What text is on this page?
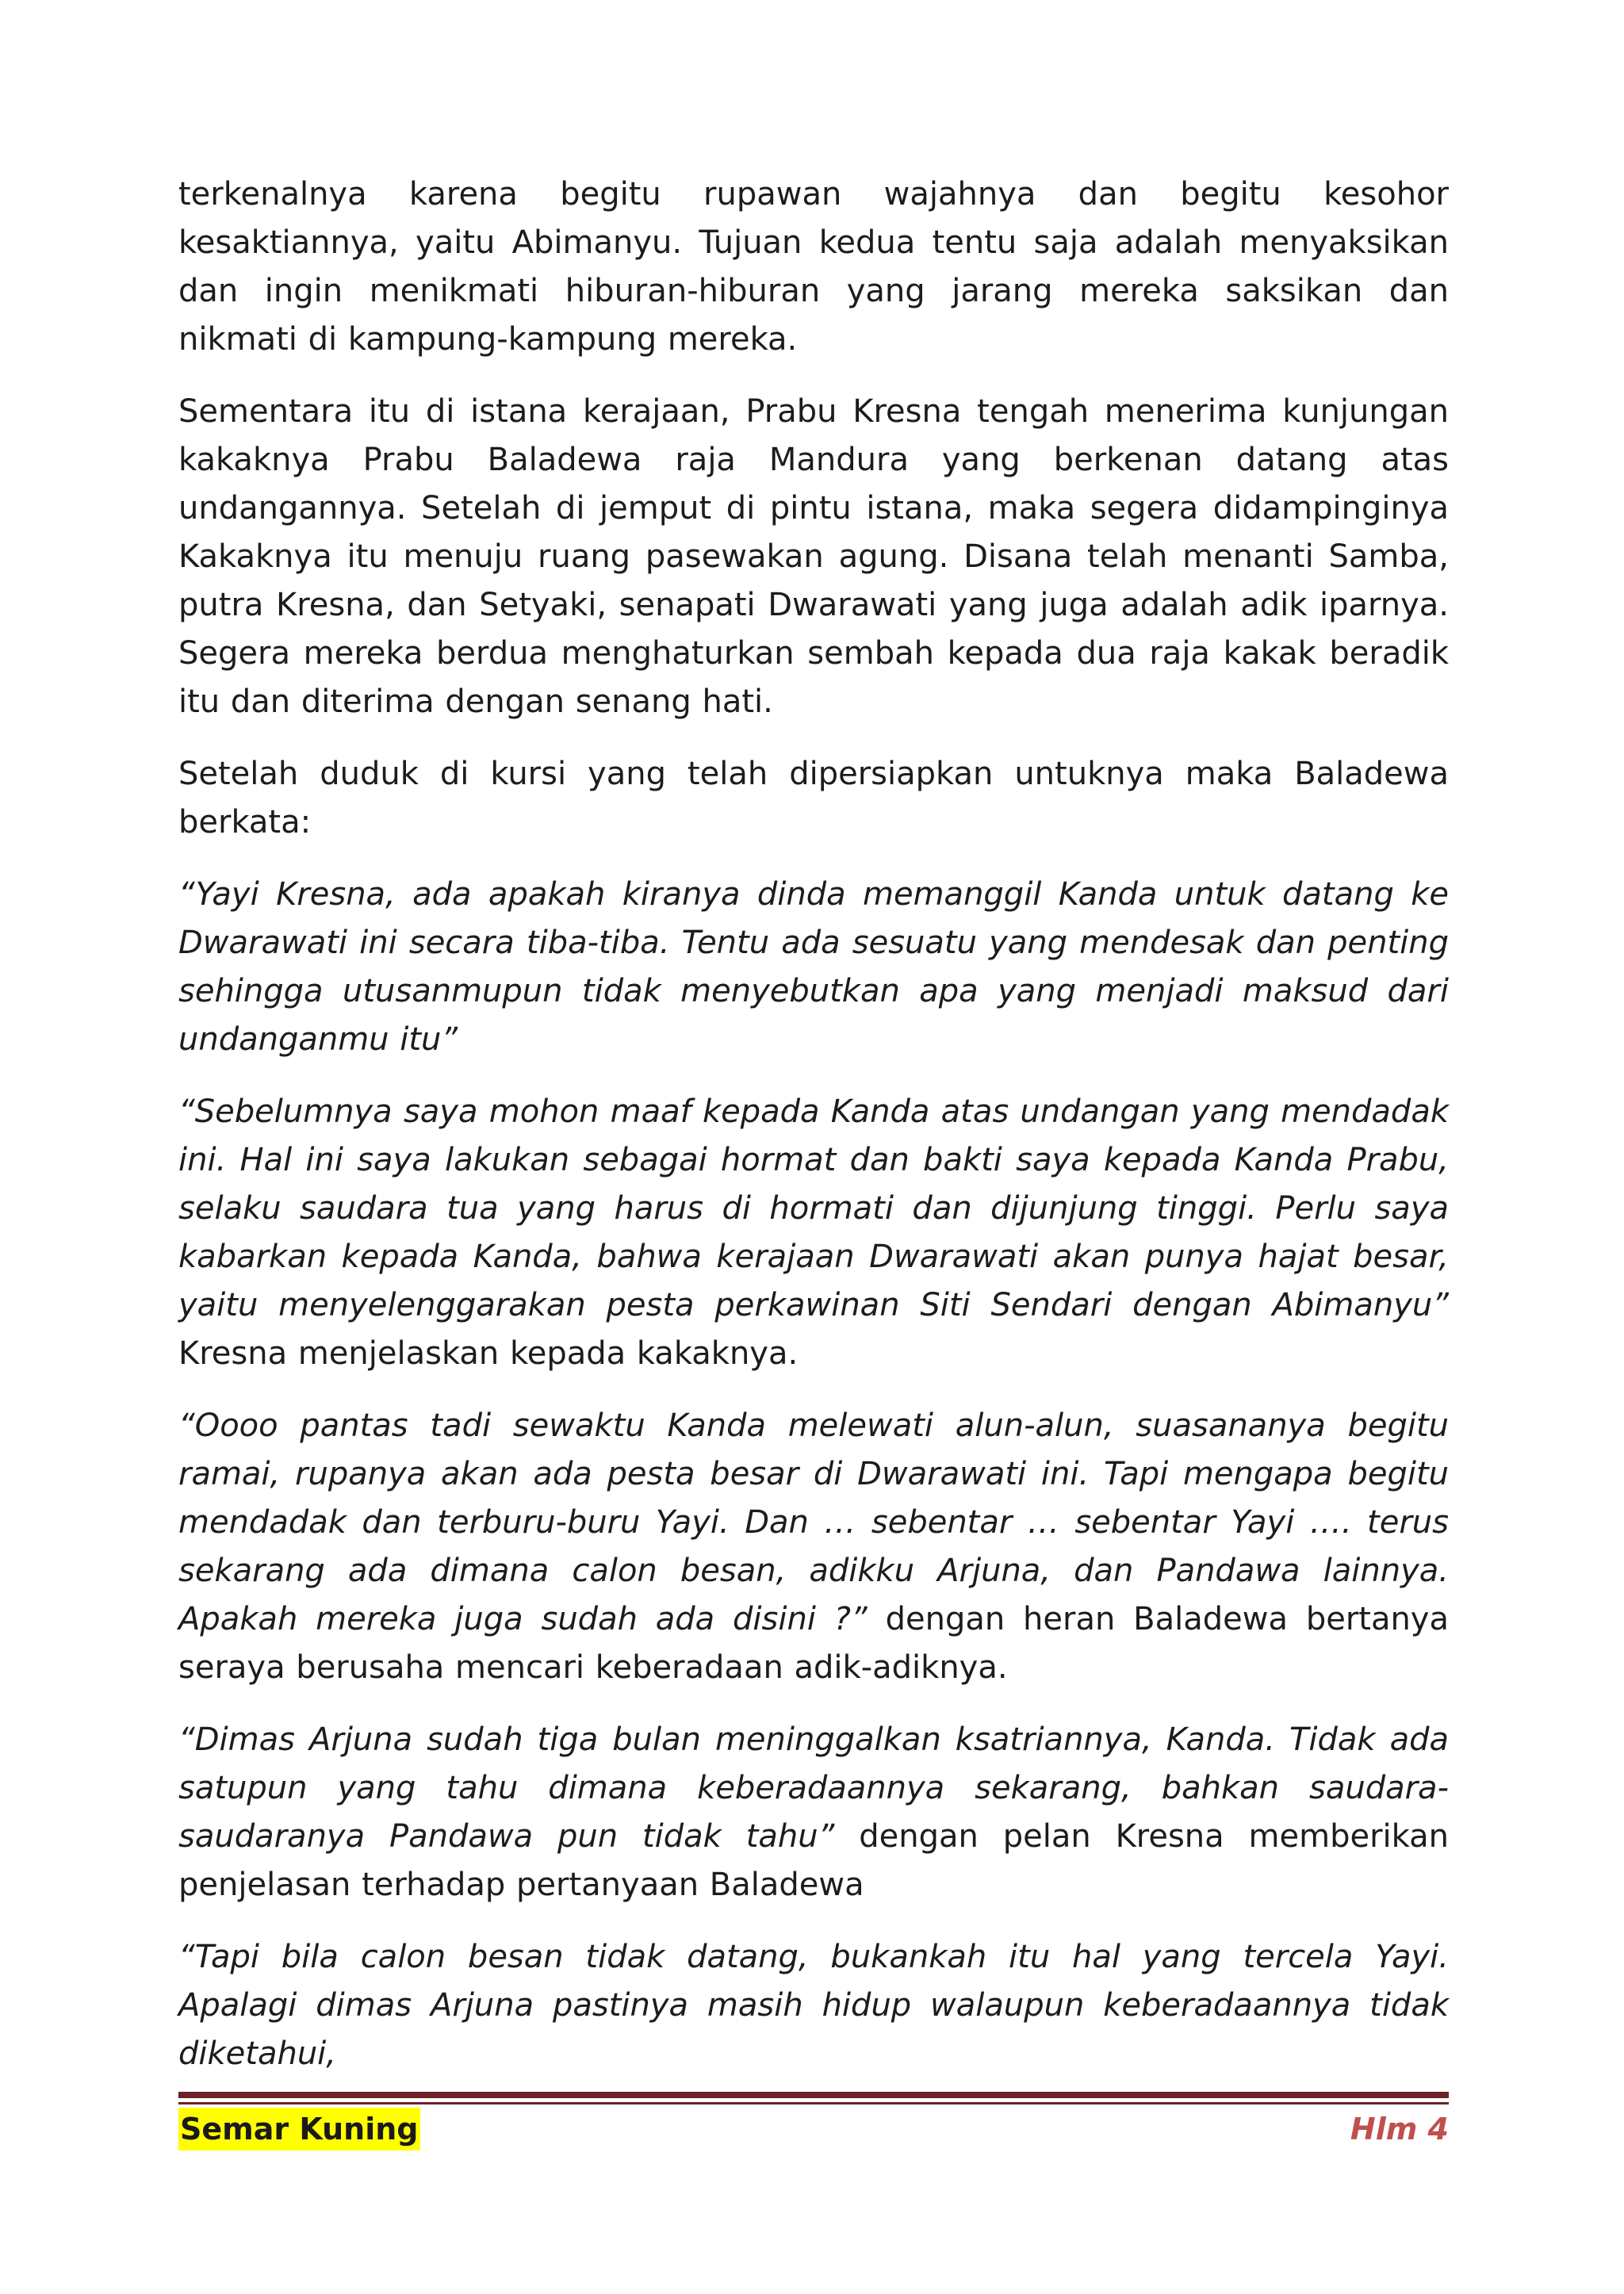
terkenalnya karena begitu rupawan wajahnya dan begitu kesohor kesaktiannya, yaitu Abimanyu. Tujuan kedua tentu saja adalah menyaksikan dan ingin menikmati hiburan-hiburan yang jarang mereka saksikan dan nikmati di kampung-kampung mereka.

Sementara itu di istana kerajaan, Prabu Kresna tengah menerima kunjungan kakaknya Prabu Baladewa raja Mandura yang berkenan datang atas undangannya. Setelah di jemput di pintu istana, maka segera didampinginya Kakaknya itu menuju ruang pasewakan agung. Disana telah menanti Samba, putra Kresna, dan Setyaki, senapati Dwarawati yang juga adalah adik iparnya. Segera mereka berdua menghaturkan sembah kepada dua raja kakak beradik itu dan diterima dengan senang hati.

Setelah duduk di kursi yang telah dipersiapkan untuknya maka Baladewa berkata:

“Yayi Kresna, ada apakah kiranya dinda memanggil Kanda untuk datang ke Dwarawati ini secara tiba-tiba. Tentu ada sesuatu yang mendesak dan penting sehingga utusanmupun tidak menyebutkan apa yang menjadi maksud dari undanganmu itu”

“Sebelumnya saya mohon maaf kepada Kanda atas undangan yang mendadak ini. Hal ini saya lakukan sebagai hormat dan bakti saya kepada Kanda Prabu, selaku saudara tua yang harus di hormati dan dijunjung tinggi. Perlu saya kabarkan kepada Kanda, bahwa kerajaan Dwarawati akan punya hajat besar, yaitu menyelenggarakan pesta perkawinan Siti Sendari dengan Abimanyu” Kresna menjelaskan kepada kakaknya.

“Oooo pantas tadi sewaktu Kanda melewati alun-alun, suasananya begitu ramai, rupanya akan ada pesta besar di Dwarawati ini. Tapi mengapa begitu mendadak dan terburu-buru Yayi. Dan … sebentar … sebentar Yayi …. terus sekarang ada dimana calon besan, adikku Arjuna, dan Pandawa lainnya. Apakah mereka juga sudah ada disini ?” dengan heran Baladewa bertanya seraya berusaha mencari keberadaan adik-adiknya.

“Dimas Arjuna sudah tiga bulan meninggalkan ksatriannya, Kanda. Tidak ada satupun yang tahu dimana keberadaannya sekarang, bahkan saudara-saudaranya Pandawa pun tidak tahu” dengan pelan Kresna memberikan penjelasan terhadap pertanyaan Baladewa

“Tapi bila calon besan tidak datang, bukankah itu hal yang tercela Yayi. Apalagi dimas Arjuna pastinya masih hidup walaupun keberadaannya tidak diketahui,

Semar Kuning	Hlm 4
